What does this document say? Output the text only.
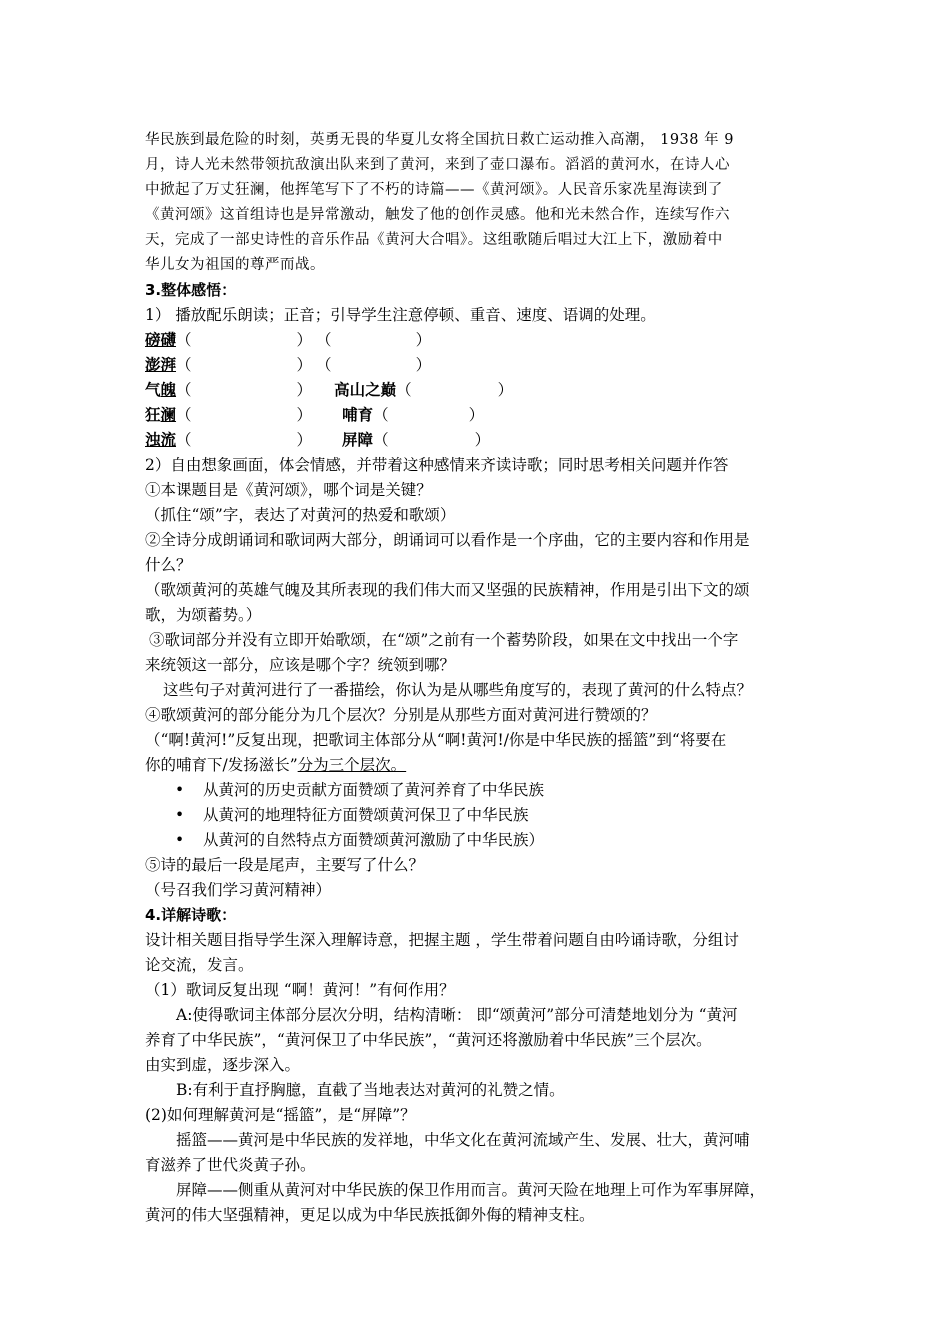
华民族到最危险的时刻，英勇无畏的华夏儿女将全国抗日救亡运动推入高潮， 1938 年 9
月，诗人光未然带领抗敌演出队来到了黄河，来到了壶口瀑布。滔滔的黄河水，在诗人心
中掀起了万丈狂澜，他挥笔写下了不朽的诗篇——《黄河颂》。人民音乐家冼星海读到了
《黄河颂》这首组诗也是异常激动，触发了他的创作灵感。他和光未然合作，连续写作六
天，完成了一部史诗性的音乐作品《黄河大合唱》。这组歌随后唱过大江上下，激励着中
华儿女为祖国的尊严而战。
3.整体感悟：
1） 播放配乐朗读；正音；引导学生注意停顿、重音、速度、语调的处理。
磅礴 （	） （	）
澎湃 （	） （	）
气 魄 （	） 高山之巅 （	）
狂 澜 （	） 哺育 （	）
浊流 （	） 屏障 （	）
2）自由想象画面，体会情感，并带着这种感情来齐读诗歌；同时思考相关问题并作答
①本课题目是《黄河颂》，哪个词是关键？
（抓住“颂”字，表达了对黄河的热爱和歌颂）
②全诗分成朗诵词和歌词两大部分，朗诵词可以看作是一个序曲，它的主要内容和作用是
什么？
（歌颂黄河的英雄气魄及其所表现的我们伟大而又坚强的民族精神，作用是引出下文的颂
歌，为颂蓄势。）
③歌词部分并没有立即开始歌颂，在“颂”之前有一个蓄势阶段，如果在文中找出一个字
来统领这一部分，应该是哪个字？统领到哪？
这些句子对黄河进行了一番描绘，你认为是从哪些角度写的，表现了黄河的什么特点？
④歌颂黄河的部分能分为几个层次？分别是从那些方面对黄河进行赞颂的？
（“啊!黄河!”反复出现，把歌词主体部分从“啊!黄河!/你是中华民族的摇篮”到“将要在
你的哺育下/发扬滋长”分为三个层次。
• 从黄河的历史贡献方面赞颂了黄河养育了中华民族
• 从黄河的地理特征方面赞颂黄河保卫了中华民族
• 从黄河的自然特点方面赞颂黄河激励了中华民族）
⑤诗的最后一段是尾声，主要写了什么？
（号召我们学习黄河精神）
4.详解诗歌：
设计相关题目指导学生深入理解诗意，把握主题 ，学生带着问题自由吟诵诗歌，分组讨
论交流，发言。
（1）歌词反复出现 “啊！黄河！”有何作用？
A:使得歌词主体部分层次分明，结构清晰： 即“颂黄河”部分可清楚地划分为 “黄河
养育了中华民族”，“黄河保卫了中华民族”，“黄河还将激励着中华民族”三个层次。
由实到虚，逐步深入。
B:有利于直抒胸臆，直截了当地表达对黄河的礼赞之情。
(2)如何理解黄河是“摇篮”，是“屏障”？
摇篮——黄河是中华民族的发祥地，中华文化在黄河流域产生、发展、壮大，黄河哺
育滋养了世代炎黄子孙。
屏障——侧重从黄河对中华民族的保卫作用而言。黄河天险在地理上可作为军事屏障，
黄河的伟大坚强精神，更足以成为中华民族抵御外侮的精神支柱。
